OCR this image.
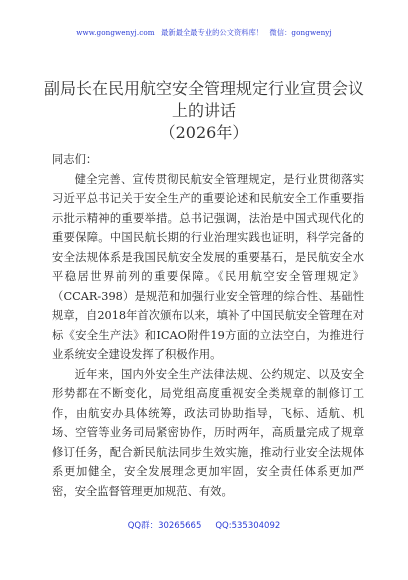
www.gongwenyj.com 最新最全最专业的公文资料库！ 微信：gongwenyj
副局长在民用航空安全管理规定行业宣贯会议
上的讲话
（2026年）

同志们：

健全完善、宣传贯彻民航安全管理规定，是行业贯彻落实习近平总书记关于安全生产的重要论述和民航安全工作重要指示批示精神的重要举措。总书记强调，法治是中国式现代化的重要保障。中国民航长期的行业治理实践也证明，科学完备的安全法规体系是我国民航安全发展的重要基石，是民航安全水平稳居世界前列的重要保障。《民用航空安全管理规定》（CCAR-398）是规范和加强行业安全管理的综合性、基础性规章，自2018年首次颁布以来，填补了中国民航安全管理在对标《安全生产法》和ICAO附件19方面的立法空白，为推进行业系统安全建设发挥了积极作用。

近年来，国内外安全生产法律法规、公约规定、以及安全形势都在不断变化，局党组高度重视安全类规章的制修订工作，由航安办具体统筹，政法司协助指导，飞标、适航、机场、空管等业务司局紧密协作，历时两年，高质量完成了规章修订任务，配合新民航法同步生效实施，推动行业安全法规体系更加健全，安全发展理念更加牢固，安全责任体系更加严密，安全监督管理更加规范、有效。

QQ群：30265665 QQ:535304092
